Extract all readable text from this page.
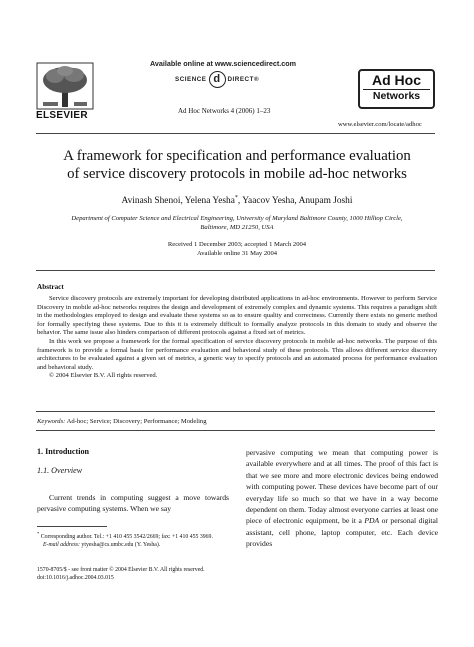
Available online at www.sciencedirect.com
SCIENCE d	DIRECT®
ELSEVIER	Ad Hoc Networks 4 (2006) 1–23
Ad Hoc
Networks
www.elsevier.com/locate/adhoc
A framework for specification and performance evaluation
of service discovery protocols in mobile ad-hoc networks
Avinash Shenoi, Yelena Yesha*, Yaacov Yesha, Anupam Joshi
Department of Computer Science and Electrical Engineering, University of Maryland Baltimore County, 1000 Hilltop Circle,
Baltimore, MD 21250, USA
Received 1 December 2003; accepted 1 March 2004
Available online 31 May 2004
Abstract

Service discovery protocols are extremely important for developing distributed applications in ad-hoc environments. However to perform Service Discovery in mobile ad-hoc networks requires the design and development of extremely complex and dynamic systems. This requires a paradigm shift in the methodologies employed to design and evaluate these systems so as to ensure quality and correctness. Currently there exists no generic method for formally specifying these systems. Due to this it is extremely difficult to formally analyze protocols in this domain to study and observe the behavior. The same issue also hinders comparison of different protocols against a fixed set of metrics.

In this work we propose a framework for the formal specification of service discovery protocols in mobile ad-hoc networks. The purpose of this framework is to provide a formal basis for performance evaluation and behavioral study of these protocols. This allows different service discovery architectures to be evaluated against a given set of metrics, a generic way to specify protocols and an automated process for performance evaluation and behavioral study.

© 2004 Elsevier B.V. All rights reserved.

Keywords: Ad-hoc; Service; Discovery; Performance; Modeling
1. Introduction
1.1. Overview
Current trends in computing suggest a move towards pervasive computing systems. When we say
pervasive computing we mean that computing power is available everywhere and at all times. The proof of this fact is that we see more and more electronic devices being endowed with computing power. These devices have become part of our everyday life so much so that we have in a way become dependent on them. Today almost everyone carries at least one piece of electronic equipment, be it a PDA or personal digital assistant, cell phone, laptop computer, etc. Each device provides
* Corresponding author. Tel.: +1 410 455 3542/2669; fax: +1 410 455 3969.
E-mail address: ytyesha@cs.umbc.edu (Y. Yesha).
1570-8705/$ - see front matter © 2004 Elsevier B.V. All rights reserved.
doi:10.1016/j.adhoc.2004.03.015
